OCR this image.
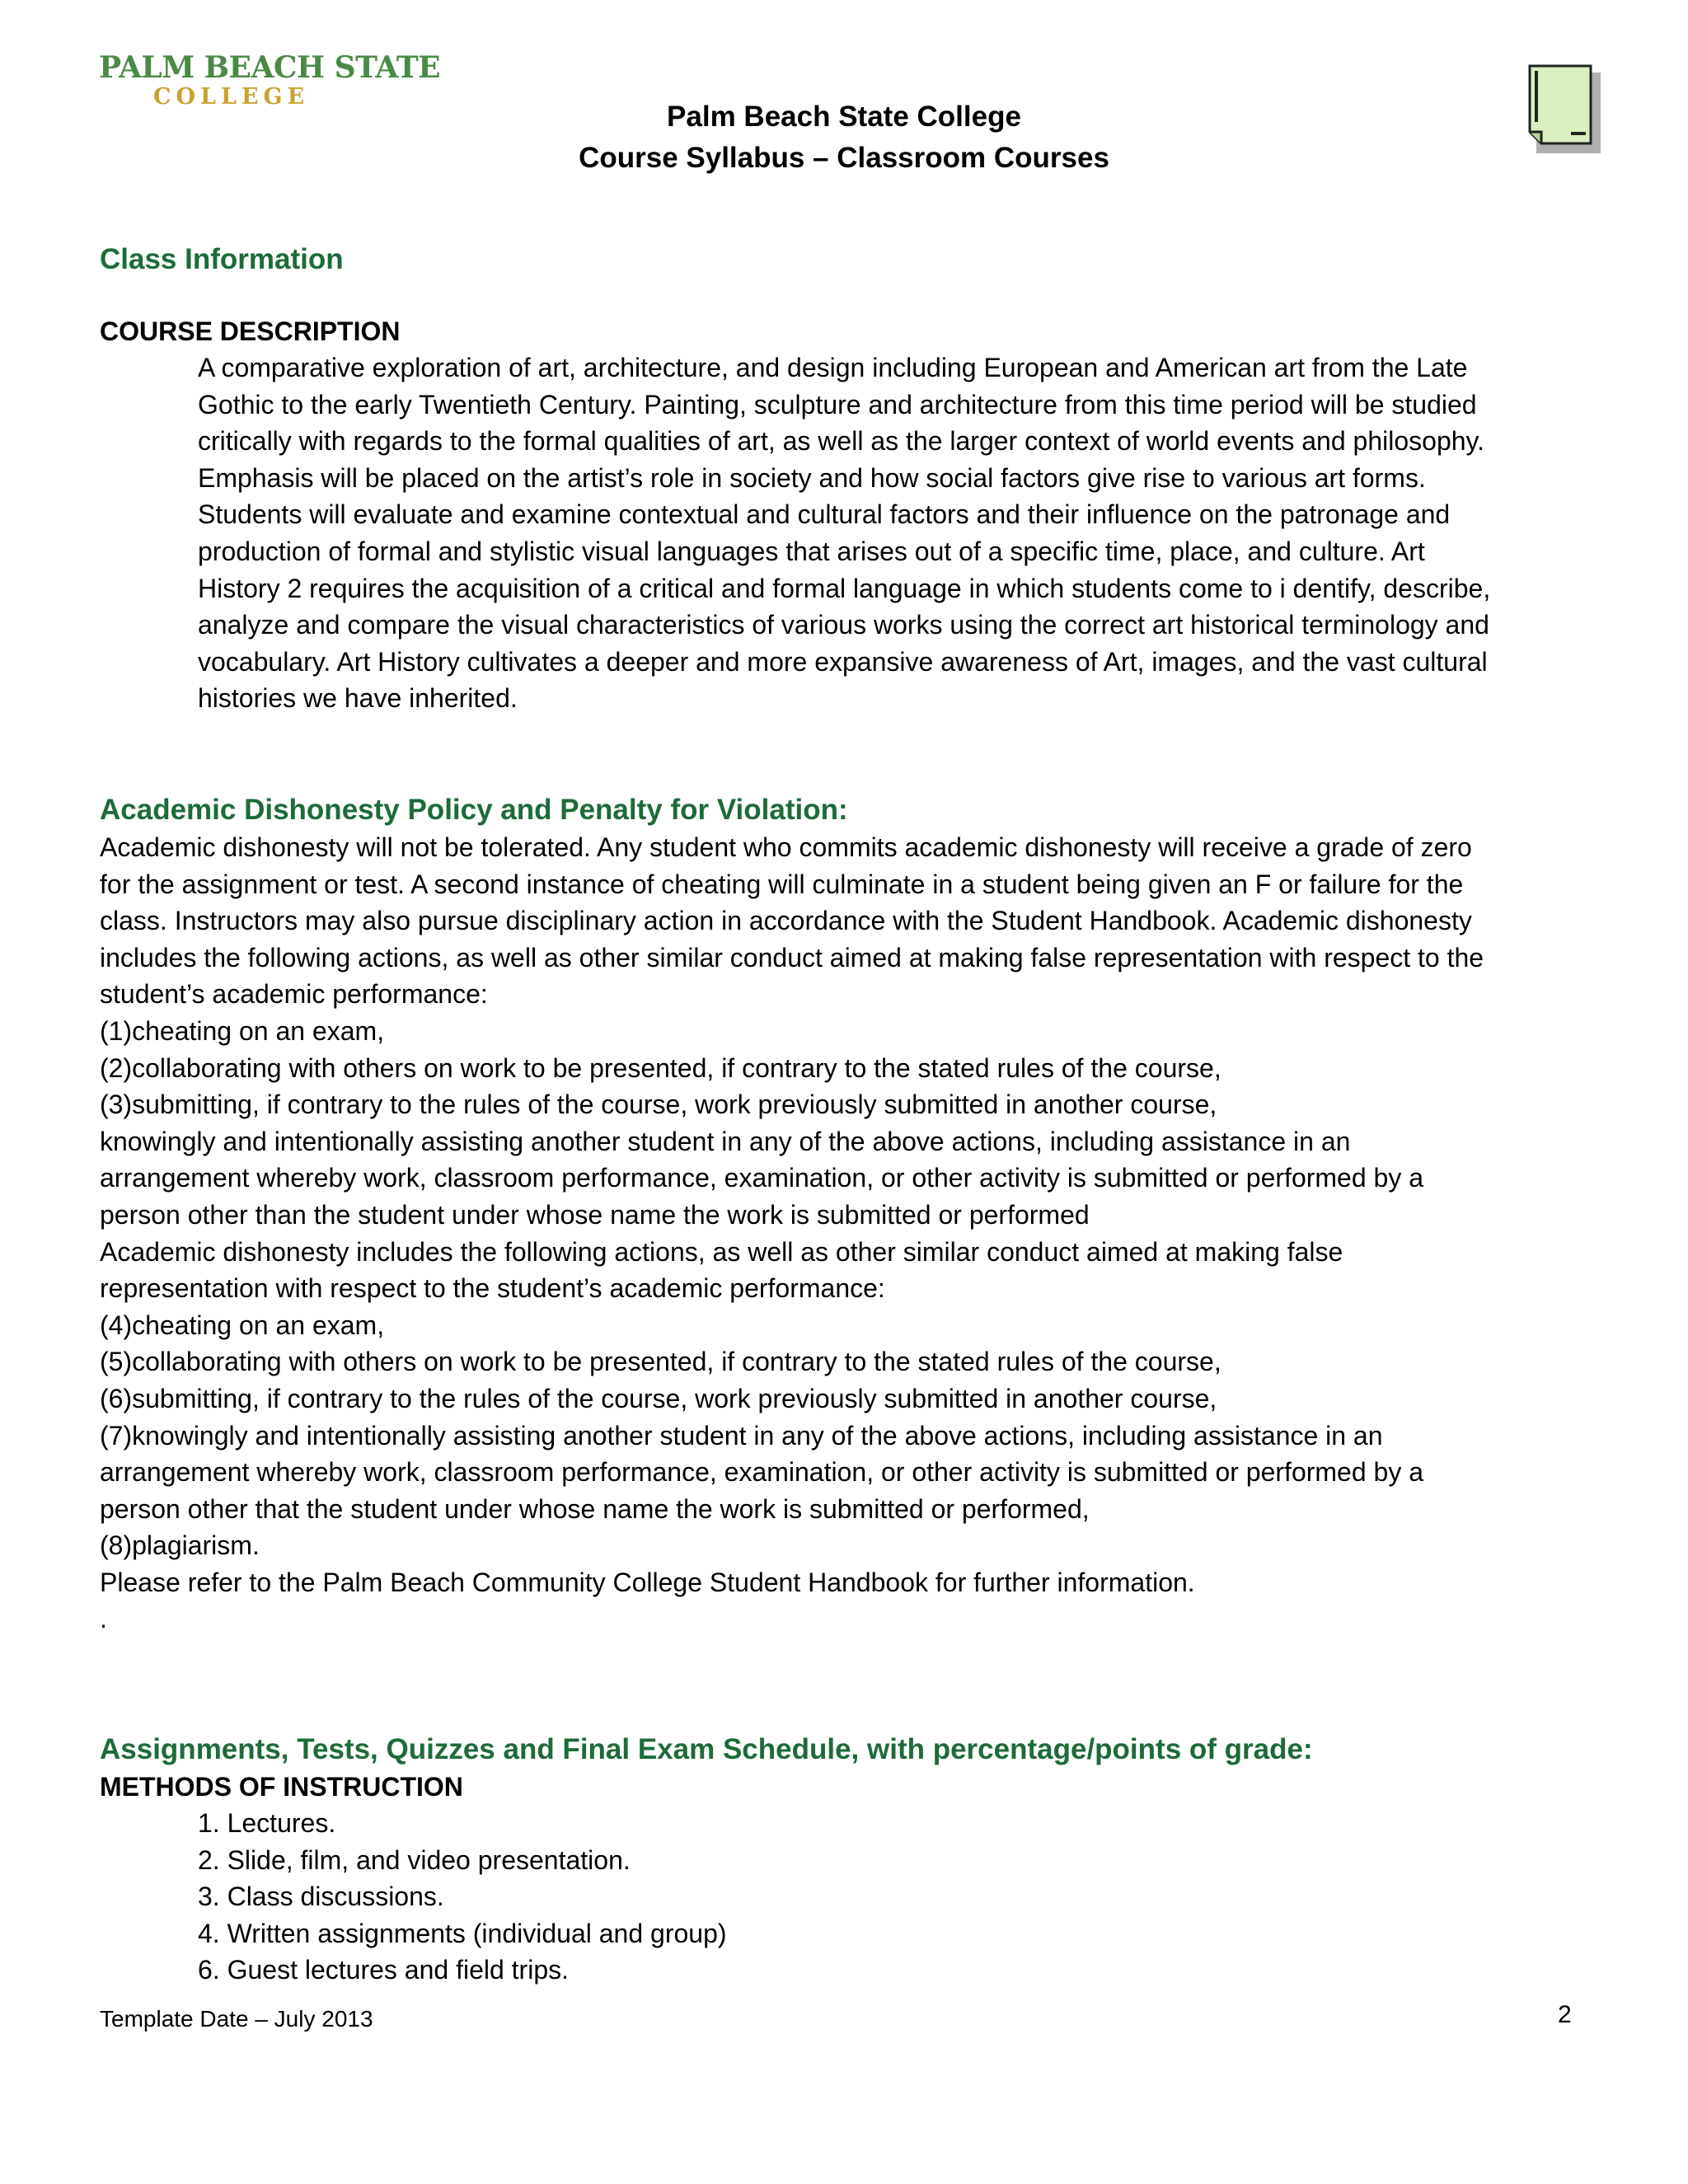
PALM BEACH STATE
COLLEGE
Palm Beach State College
Course Syllabus – Classroom Courses
Class Information
COURSE DESCRIPTION
A comparative exploration of art, architecture, and design including European and American art from the Late
Gothic to the early Twentieth Century. Painting, sculpture and architecture from this time period will be studied
critically with regards to the formal qualities of art, as well as the larger context of world events and philosophy.
Emphasis will be placed on the artist’s role in society and how social factors give rise to various art forms.
Students will evaluate and examine contextual and cultural factors and their influence on the patronage and
production of formal and stylistic visual languages that arises out of a specific time, place, and culture. Art
History 2 requires the acquisition of a critical and formal language in which students come to i dentify, describe,
analyze and compare the visual characteristics of various works using the correct art historical terminology and
vocabulary. Art History cultivates a deeper and more expansive awareness of Art, images, and the vast cultural
histories we have inherited.
Academic Dishonesty Policy and Penalty for Violation:
Academic dishonesty will not be tolerated. Any student who commits academic dishonesty will receive a grade of zero
for the assignment or test. A second instance of cheating will culminate in a student being given an F or failure for the
class. Instructors may also pursue disciplinary action in accordance with the Student Handbook. Academic dishonesty
includes the following actions, as well as other similar conduct aimed at making false representation with respect to the
student’s academic performance:
(1)cheating on an exam,
(2)collaborating with others on work to be presented, if contrary to the stated rules of the course,
(3)submitting, if contrary to the rules of the course, work previously submitted in another course,
knowingly and intentionally assisting another student in any of the above actions, including assistance in an
arrangement whereby work, classroom performance, examination, or other activity is submitted or performed by a
person other than the student under whose name the work is submitted or performed
Academic dishonesty includes the following actions, as well as other similar conduct aimed at making false
representation with respect to the student’s academic performance:
(4)cheating on an exam,
(5)collaborating with others on work to be presented, if contrary to the stated rules of the course,
(6)submitting, if contrary to the rules of the course, work previously submitted in another course,
(7)knowingly and intentionally assisting another student in any of the above actions, including assistance in an
arrangement whereby work, classroom performance, examination, or other activity is submitted or performed by a
person other that the student under whose name the work is submitted or performed,
(8)plagiarism.
Please refer to the Palm Beach Community College Student Handbook for further information.
.
Assignments, Tests, Quizzes and Final Exam Schedule, with percentage/points of grade:
METHODS OF INSTRUCTION
1. Lectures.
2. Slide, film, and video presentation.
3. Class discussions.
4. Written assignments (individual and group)
6. Guest lectures and field trips.
Template Date – July 2013	2
